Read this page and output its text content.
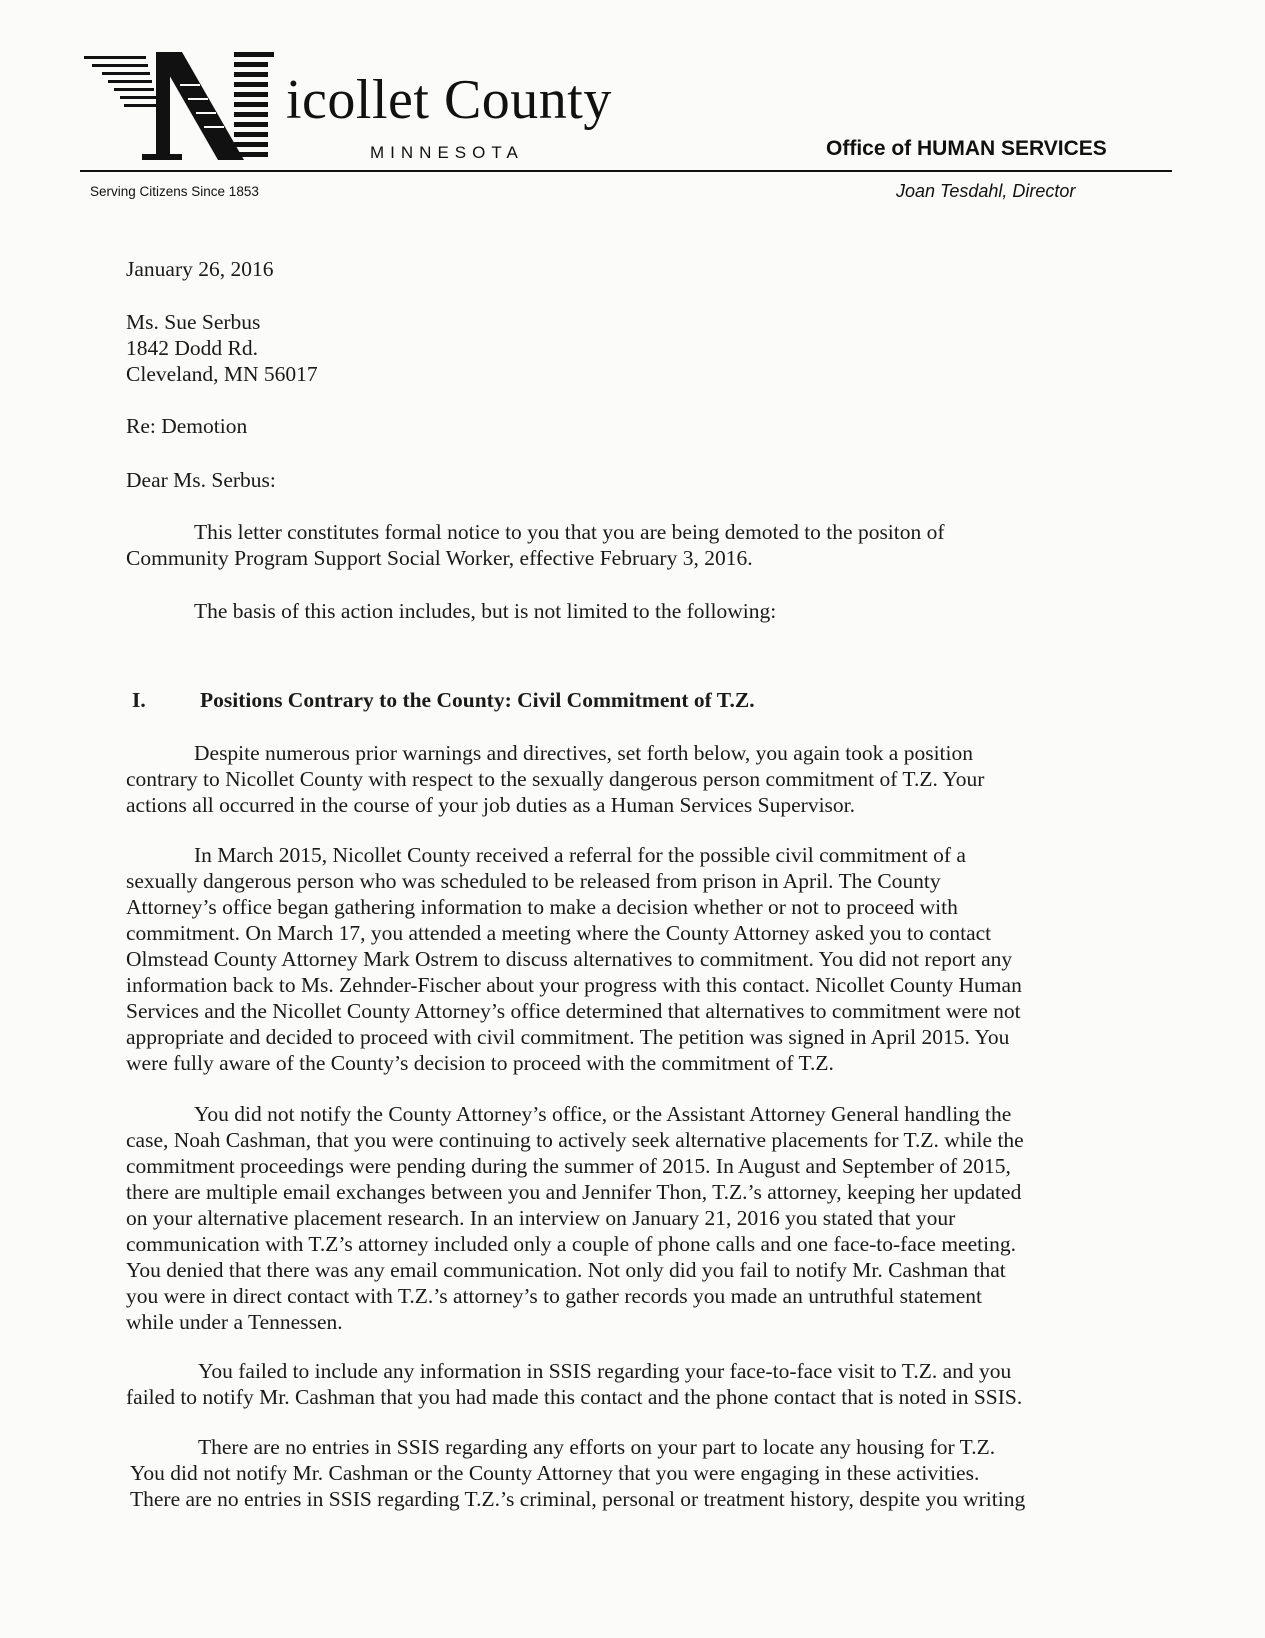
icollet County
MINNESOTA	Office of HUMAN SERVICES
Serving Citizens Since 1853	Joan Tesdahl, Director
January 26, 2016
Ms. Sue Serbus
1842 Dodd Rd.
Cleveland, MN 56017
Re: Demotion
Dear Ms. Serbus:
This letter constitutes formal notice to you that you are being demoted to the positon of
Community Program Support Social Worker, effective February 3, 2016.
The basis of this action includes, but is not limited to the following:
I.	Positions Contrary to the County: Civil Commitment of T.Z.
Despite numerous prior warnings and directives, set forth below, you again took a position
contrary to Nicollet County with respect to the sexually dangerous person commitment of T.Z. Your
actions all occurred in the course of your job duties as a Human Services Supervisor.
In March 2015, Nicollet County received a referral for the possible civil commitment of a
sexually dangerous person who was scheduled to be released from prison in April. The County
Attorney’s office began gathering information to make a decision whether or not to proceed with
commitment. On March 17, you attended a meeting where the County Attorney asked you to contact
Olmstead County Attorney Mark Ostrem to discuss alternatives to commitment. You did not report any
information back to Ms. Zehnder-Fischer about your progress with this contact. Nicollet County Human
Services and the Nicollet County Attorney’s office determined that alternatives to commitment were not
appropriate and decided to proceed with civil commitment. The petition was signed in April 2015. You
were fully aware of the County’s decision to proceed with the commitment of T.Z.
You did not notify the County Attorney’s office, or the Assistant Attorney General handling the
case, Noah Cashman, that you were continuing to actively seek alternative placements for T.Z. while the
commitment proceedings were pending during the summer of 2015. In August and September of 2015,
there are multiple email exchanges between you and Jennifer Thon, T.Z.’s attorney, keeping her updated
on your alternative placement research. In an interview on January 21, 2016 you stated that your
communication with T.Z’s attorney included only a couple of phone calls and one face-to-face meeting.
You denied that there was any email communication. Not only did you fail to notify Mr. Cashman that
you were in direct contact with T.Z.’s attorney’s to gather records you made an untruthful statement
while under a Tennessen.
You failed to include any information in SSIS regarding your face-to-face visit to T.Z. and you
failed to notify Mr. Cashman that you had made this contact and the phone contact that is noted in SSIS.
There are no entries in SSIS regarding any efforts on your part to locate any housing for T.Z.
You did not notify Mr. Cashman or the County Attorney that you were engaging in these activities.
There are no entries in SSIS regarding T.Z.’s criminal, personal or treatment history, despite you writing
